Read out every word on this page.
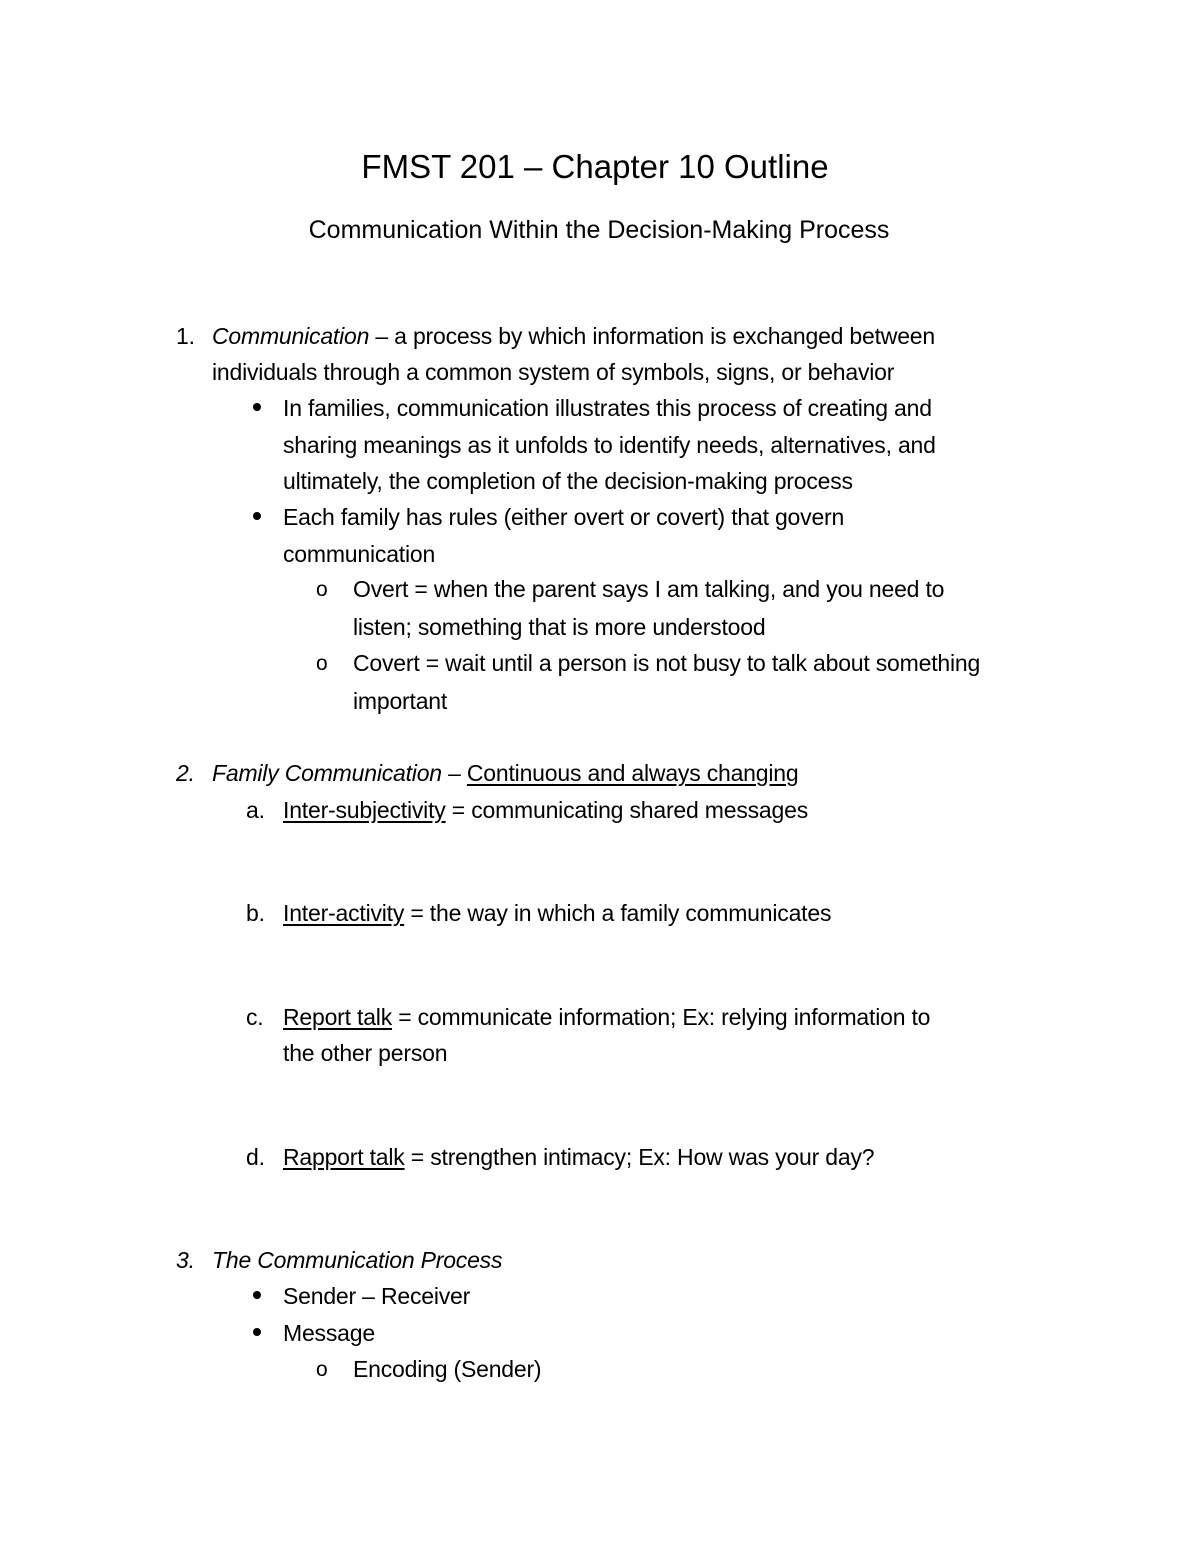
FMST 201 – Chapter 10 Outline
Communication Within the Decision-Making Process
1. Communication – a process by which information is exchanged between
individuals through a common system of symbols, signs, or behavior
In families, communication illustrates this process of creating and
sharing meanings as it unfolds to identify needs, alternatives, and
ultimately, the completion of the decision-making process
Each family has rules (either overt or covert) that govern
communication
o Overt = when the parent says I am talking, and you need to
listen; something that is more understood
o Covert = wait until a person is not busy to talk about something
important
2. Family Communication – Continuous and always changing
a. Inter-subjectivity = communicating shared messages
b. Inter-activity = the way in which a family communicates
c. Report talk = communicate information; Ex: relying information to
the other person
d. Rapport talk = strengthen intimacy; Ex: How was your day?
3. The Communication Process
Sender – Receiver
Message
o Encoding (Sender)
